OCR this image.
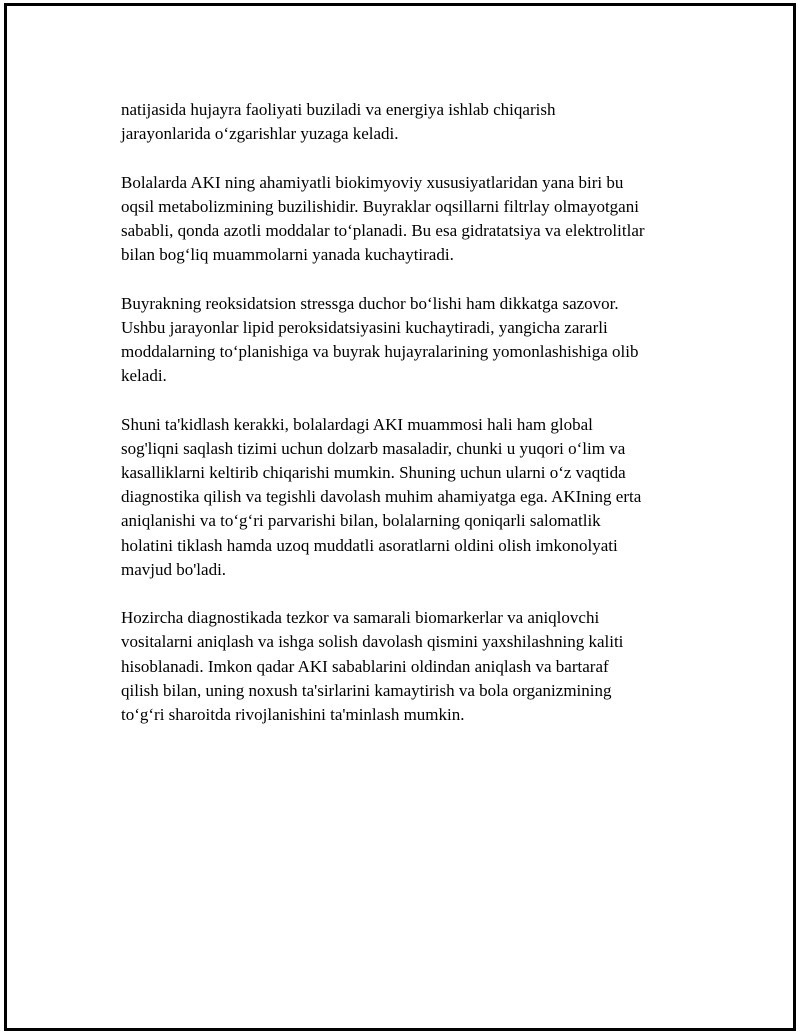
natijasida hujayra faoliyati buziladi va energiya ishlab chiqarish
jarayonlarida oʻzgarishlar yuzaga keladi.

Bolalarda AKI ning ahamiyatli biokimyoviy xususiyatlaridan yana biri bu
oqsil metabolizmining buzilishidir. Buyraklar oqsillarni filtrlay olmayotgani
sababli, qonda azotli moddalar toʻplanadi. Bu esa gidratatsiya va elektrolitlar
bilan bogʻliq muammolarni yanada kuchaytiradi.

Buyrakning reoksidatsion stressga duchor boʻlishi ham dikkatga sazovor.
Ushbu jarayonlar lipid peroksidatsiyasini kuchaytiradi, yangicha zararli
moddalarning toʻplanishiga va buyrak hujayralarining yomonlashishiga olib
keladi.

Shuni ta'kidlash kerakki, bolalardagi AKI muammosi hali ham global
sog'liqni saqlash tizimi uchun dolzarb masaladir, chunki u yuqori oʻlim va
kasalliklarni keltirib chiqarishi mumkin. Shuning uchun ularni oʻz vaqtida
diagnostika qilish va tegishli davolash muhim ahamiyatga ega. AKIning erta
aniqlanishi va toʻgʻri parvarishi bilan, bolalarning qoniqarli salomatlik
holatini tiklash hamda uzoq muddatli asoratlarni oldini olish imkonolyati
mavjud bo'ladi.

Hozircha diagnostikada tezkor va samarali biomarkerlar va aniqlovchi
vositalarni aniqlash va ishga solish davolash qismini yaxshilashning kaliti
hisoblanadi. Imkon qadar AKI sabablarini oldindan aniqlash va bartaraf
qilish bilan, uning noxush ta'sirlarini kamaytirish va bola organizmining
toʻgʻri sharoitda rivojlanishini ta'minlash mumkin.
